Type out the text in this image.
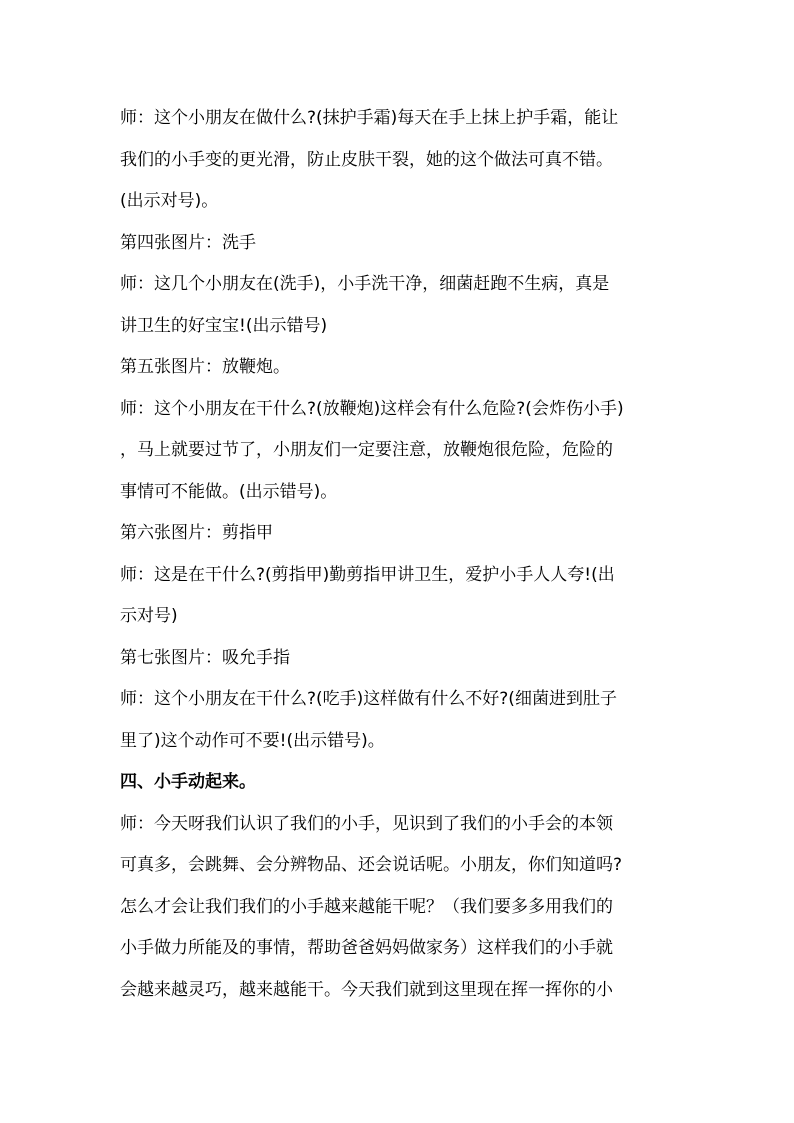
师：这个小朋友在做什么?(抹护手霜)每天在手上抹上护手霜，能让
我们的小手变的更光滑，防止皮肤干裂，她的这个做法可真不错。
(出示对号)。
第四张图片：洗手
师：这几个小朋友在(洗手)，小手洗干净，细菌赶跑不生病，真是
讲卫生的好宝宝!(出示错号)
第五张图片：放鞭炮。
师：这个小朋友在干什么?(放鞭炮)这样会有什么危险?(会炸伤小手)
，马上就要过节了，小朋友们一定要注意，放鞭炮很危险，危险的
事情可不能做。(出示错号)。
第六张图片：剪指甲
师：这是在干什么?(剪指甲)勤剪指甲讲卫生，爱护小手人人夸!(出
示对号)
第七张图片：吸允手指
师：这个小朋友在干什么?(吃手)这样做有什么不好?(细菌进到肚子
里了)这个动作可不要!(出示错号)。
四、小手动起来。
师：今天呀我们认识了我们的小手，见识到了我们的小手会的本领
可真多，会跳舞、会分辨物品、还会说话呢。小朋友，你们知道吗?
怎么才会让我们我们的小手越来越能干呢？（我们要多多用我们的
小手做力所能及的事情，帮助爸爸妈妈做家务）这样我们的小手就
会越来越灵巧，越来越能干。今天我们就到这里现在挥一挥你的小
